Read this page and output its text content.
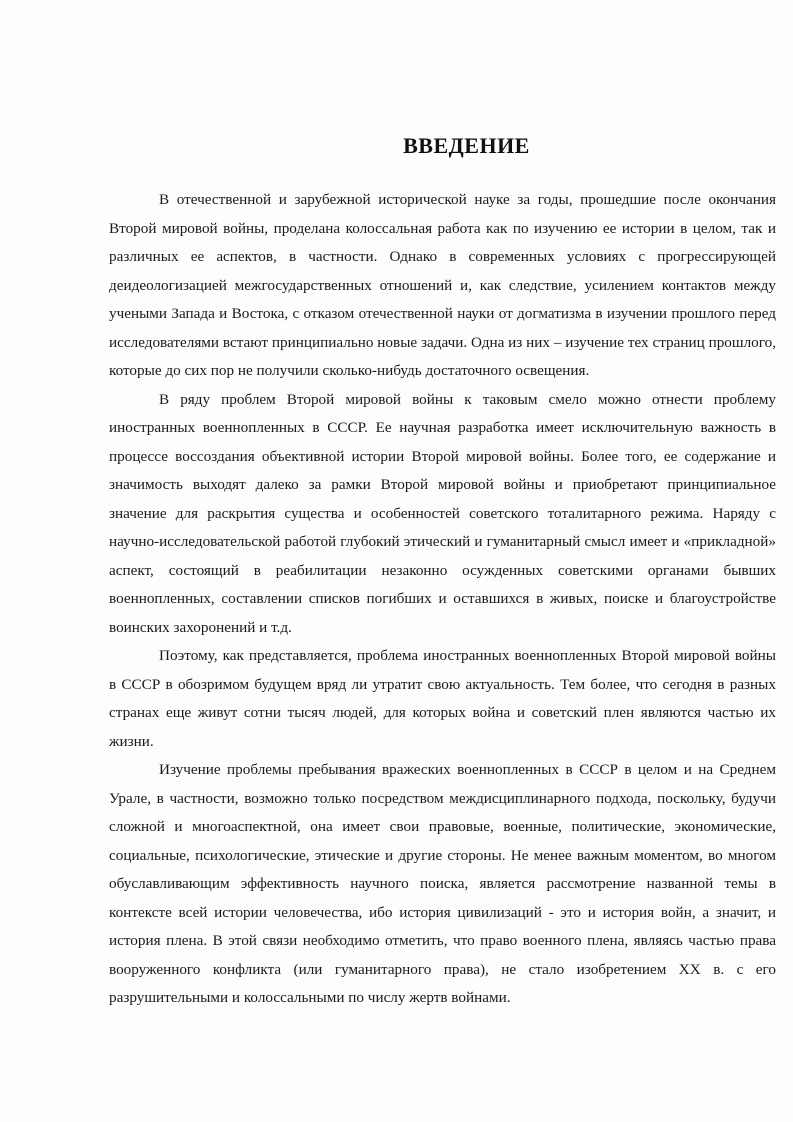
ВВЕДЕНИЕ

В отечественной и зарубежной исторической науке за годы, прошедшие после окончания Второй мировой войны, проделана колоссальная работа как по изучению ее истории в целом, так и различных ее аспектов, в частности. Однако в современных условиях с прогрессирующей деидеологизацией межгосударственных отношений и, как следствие, усилением контактов между учеными Запада и Востока, с отказом отечественной науки от догматизма в изучении прошлого перед исследователями встают принципиально новые задачи. Одна из них – изучение тех страниц прошлого, которые до сих пор не получили сколько-нибудь достаточного освещения.

В ряду проблем Второй мировой войны к таковым смело можно отнести проблему иностранных военнопленных в СССР. Ее научная разработка имеет исключительную важность в процессе воссоздания объективной истории Второй мировой войны. Более того, ее содержание и значимость выходят далеко за рамки Второй мировой войны и приобретают принципиальное значение для раскрытия существа и особенностей советского тоталитарного режима. Наряду с научно-исследовательской работой глубокий этический и гуманитарный смысл имеет и «прикладной» аспект, состоящий в реабилитации незаконно осужденных советскими органами бывших военнопленных, составлении списков погибших и оставшихся в живых, поиске и благоустройстве воинских захоронений и т.д.

Поэтому, как представляется, проблема иностранных военнопленных Второй мировой войны в СССР в обозримом будущем вряд ли утратит свою актуальность. Тем более, что сегодня в разных странах еще живут сотни тысяч людей, для которых война и советский плен являются частью их жизни.

Изучение проблемы пребывания вражеских военнопленных в СССР в целом и на Среднем Урале, в частности, возможно только посредством междисциплинарного подхода, поскольку, будучи сложной и многоаспектной, она имеет свои правовые, военные, политические, экономические, социальные, психологические, этические и другие стороны. Не менее важным моментом, во многом обуславливающим эффективность научного поиска, является рассмотрение названной темы в контексте всей истории человечества, ибо история цивилизаций - это и история войн, а значит, и история плена. В этой связи необходимо отметить, что право военного плена, являясь частью права вооруженного конфликта (или гуманитарного права), не стало изобретением XX в. с его разрушительными и колоссальными по числу жертв войнами.
